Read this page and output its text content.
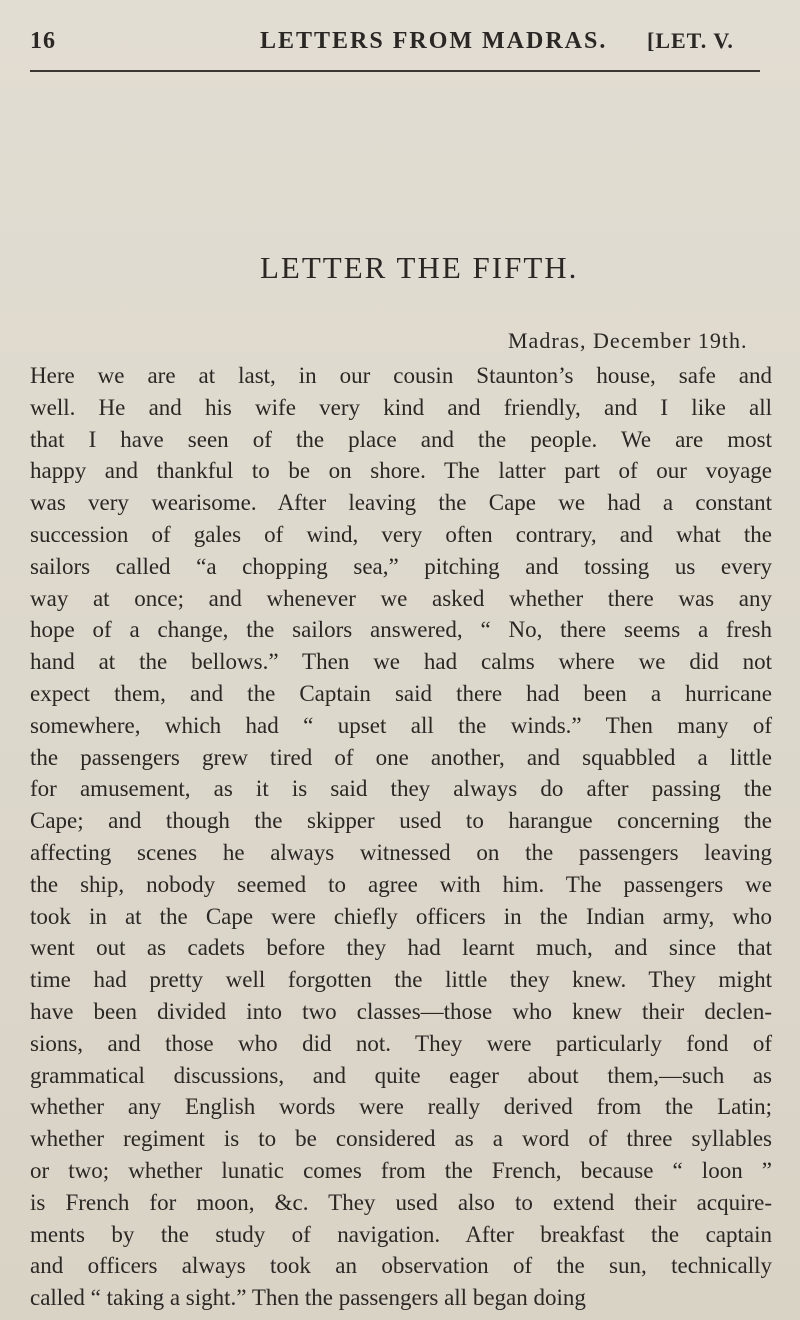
16	LETTERS FROM MADRAS. [LET. V.
LETTER THE FIFTH.
Madras, December 19th.
Here we are at last, in our cousin Staunton’s house, safe and
well. He and his wife very kind and friendly, and I like all
that I have seen of the place and the people. We are most
happy and thankful to be on shore. The latter part of our voyage
was very wearisome. After leaving the Cape we had a constant
succession of gales of wind, very often contrary, and what the
sailors called “a chopping sea,” pitching and tossing us every
way at once; and whenever we asked whether there was any
hope of a change, the sailors answered, “ No, there seems a fresh
hand at the bellows.” Then we had calms where we did not
expect them, and the Captain said there had been a hurricane
somewhere, which had “ upset all the winds.” Then many of
the passengers grew tired of one another, and squabbled a little
for amusement, as it is said they always do after passing the
Cape; and though the skipper used to harangue concerning the
affecting scenes he always witnessed on the passengers leaving
the ship, nobody seemed to agree with him. The passengers we
took in at the Cape were chiefly officers in the Indian army, who
went out as cadets before they had learnt much, and since that
time had pretty well forgotten the little they knew. They might
have been divided into two classes—those who knew their declen-
sions, and those who did not. They were particularly fond of
grammatical discussions, and quite eager about them,—such as
whether any English words were really derived from the Latin;
whether regiment is to be considered as a word of three syllables
or two; whether lunatic comes from the French, because “ loon ”
is French for moon, &c. They used also to extend their acquire-
ments by the study of navigation. After breakfast the captain
and officers always took an observation of the sun, technically
called “ taking a sight.” Then the passengers all began doing
